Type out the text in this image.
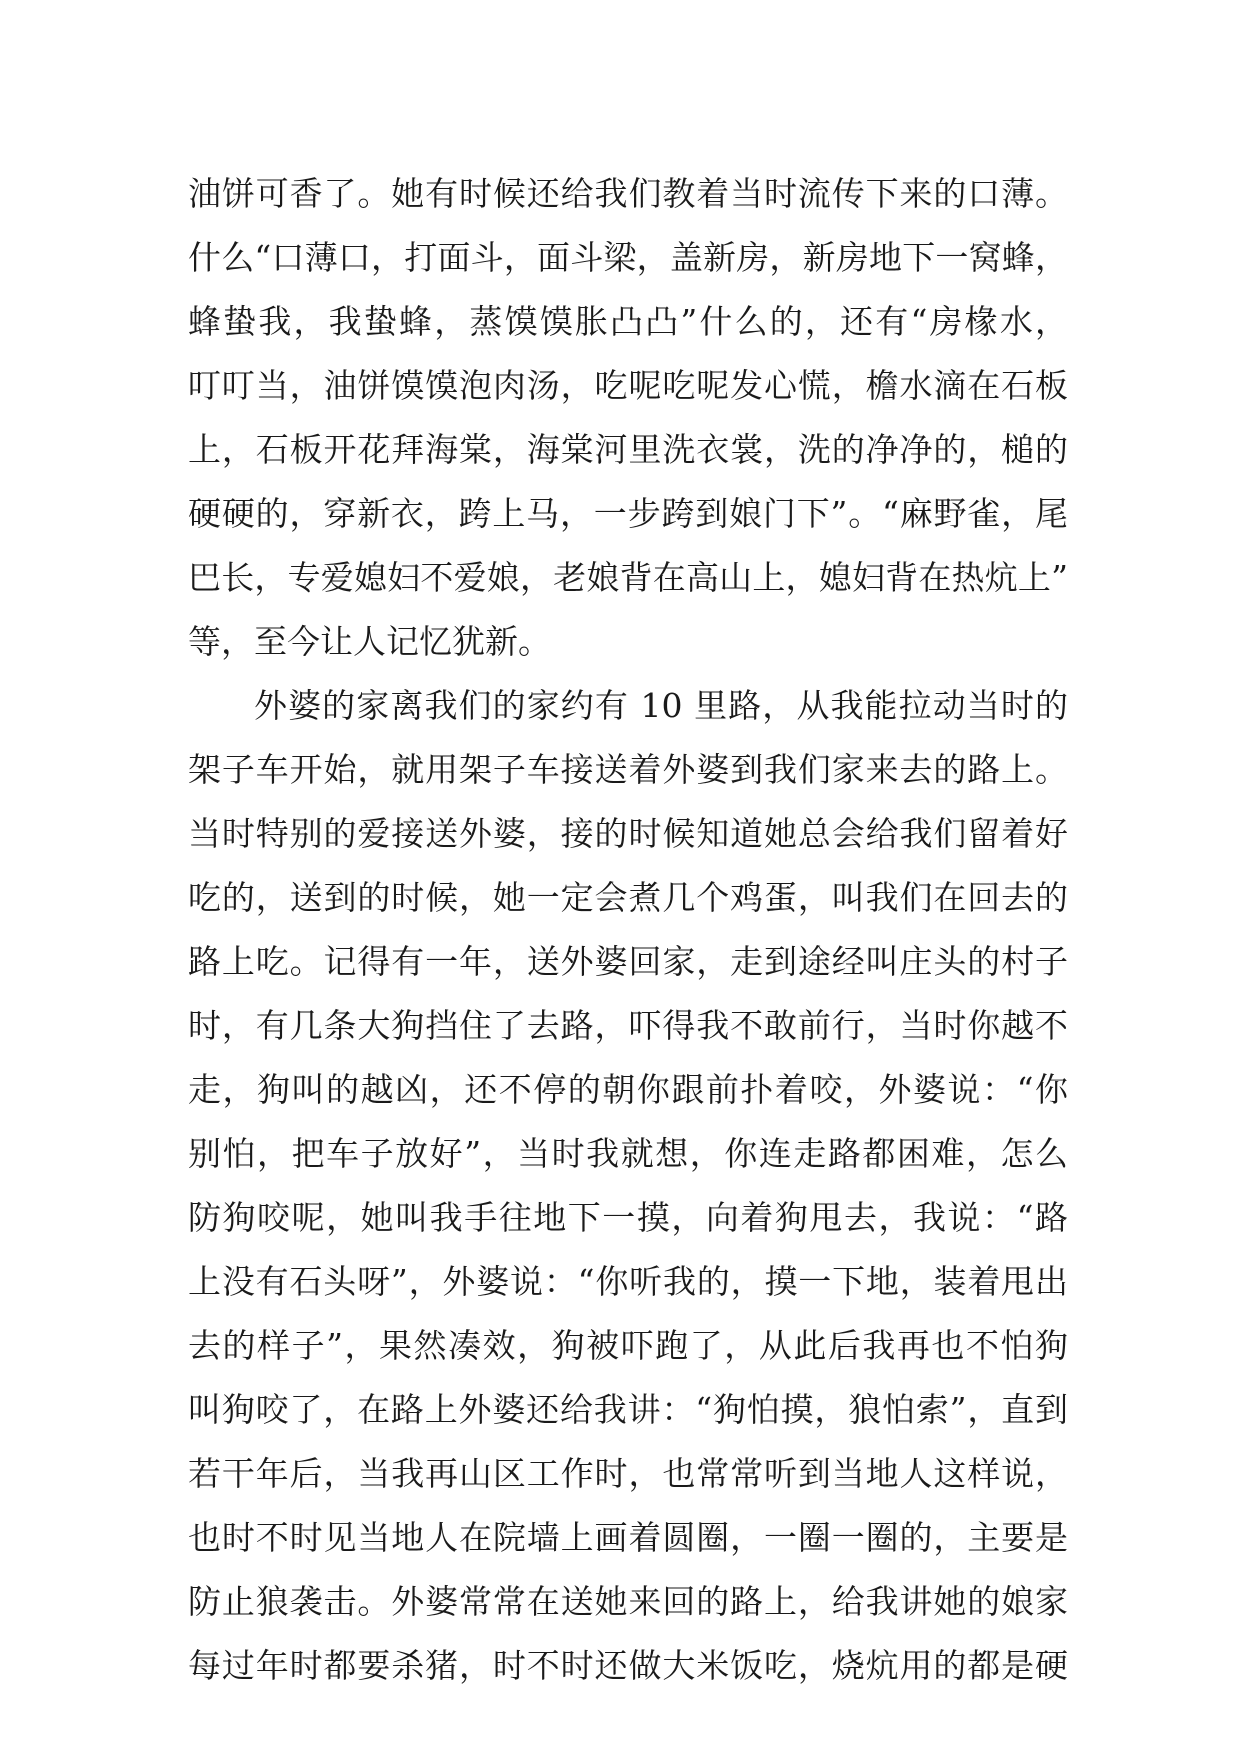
油饼可香了。她有时候还给我们教着当时流传下来的口薄。
什么“口薄口，打面斗，面斗梁，盖新房，新房地下一窝蜂，
蜂蛰我，我蛰蜂，蒸馍馍胀凸凸”什么的，还有“房椽水，
叮叮当，油饼馍馍泡肉汤，吃呢吃呢发心慌，檐水滴在石板
上，石板开花拜海棠，海棠河里洗衣裳，洗的净净的，槌的
硬硬的，穿新衣，跨上马，一步跨到娘门下”。“麻野雀，尾
巴长，专爱媳妇不爱娘，老娘背在高山上，媳妇背在热炕上”
等，至今让人记忆犹新。
外婆的家离我们的家约有 10 里路，从我能拉动当时的
架子车开始，就用架子车接送着外婆到我们家来去的路上。
当时特别的爱接送外婆，接的时候知道她总会给我们留着好
吃的，送到的时候，她一定会煮几个鸡蛋，叫我们在回去的
路上吃。记得有一年，送外婆回家，走到途经叫庄头的村子
时，有几条大狗挡住了去路，吓得我不敢前行，当时你越不
走，狗叫的越凶，还不停的朝你跟前扑着咬，外婆说：“你
别怕，把车子放好”，当时我就想，你连走路都困难，怎么
防狗咬呢，她叫我手往地下一摸，向着狗甩去，我说：“路
上没有石头呀”，外婆说：“你听我的，摸一下地，装着甩出
去的样子”，果然凑效，狗被吓跑了，从此后我再也不怕狗
叫狗咬了，在路上外婆还给我讲：“狗怕摸，狼怕索”，直到
若干年后，当我再山区工作时，也常常听到当地人这样说，
也时不时见当地人在院墙上画着圆圈，一圈一圈的，主要是
防止狼袭击。外婆常常在送她来回的路上，给我讲她的娘家
每过年时都要杀猪，时不时还做大米饭吃，烧炕用的都是硬
